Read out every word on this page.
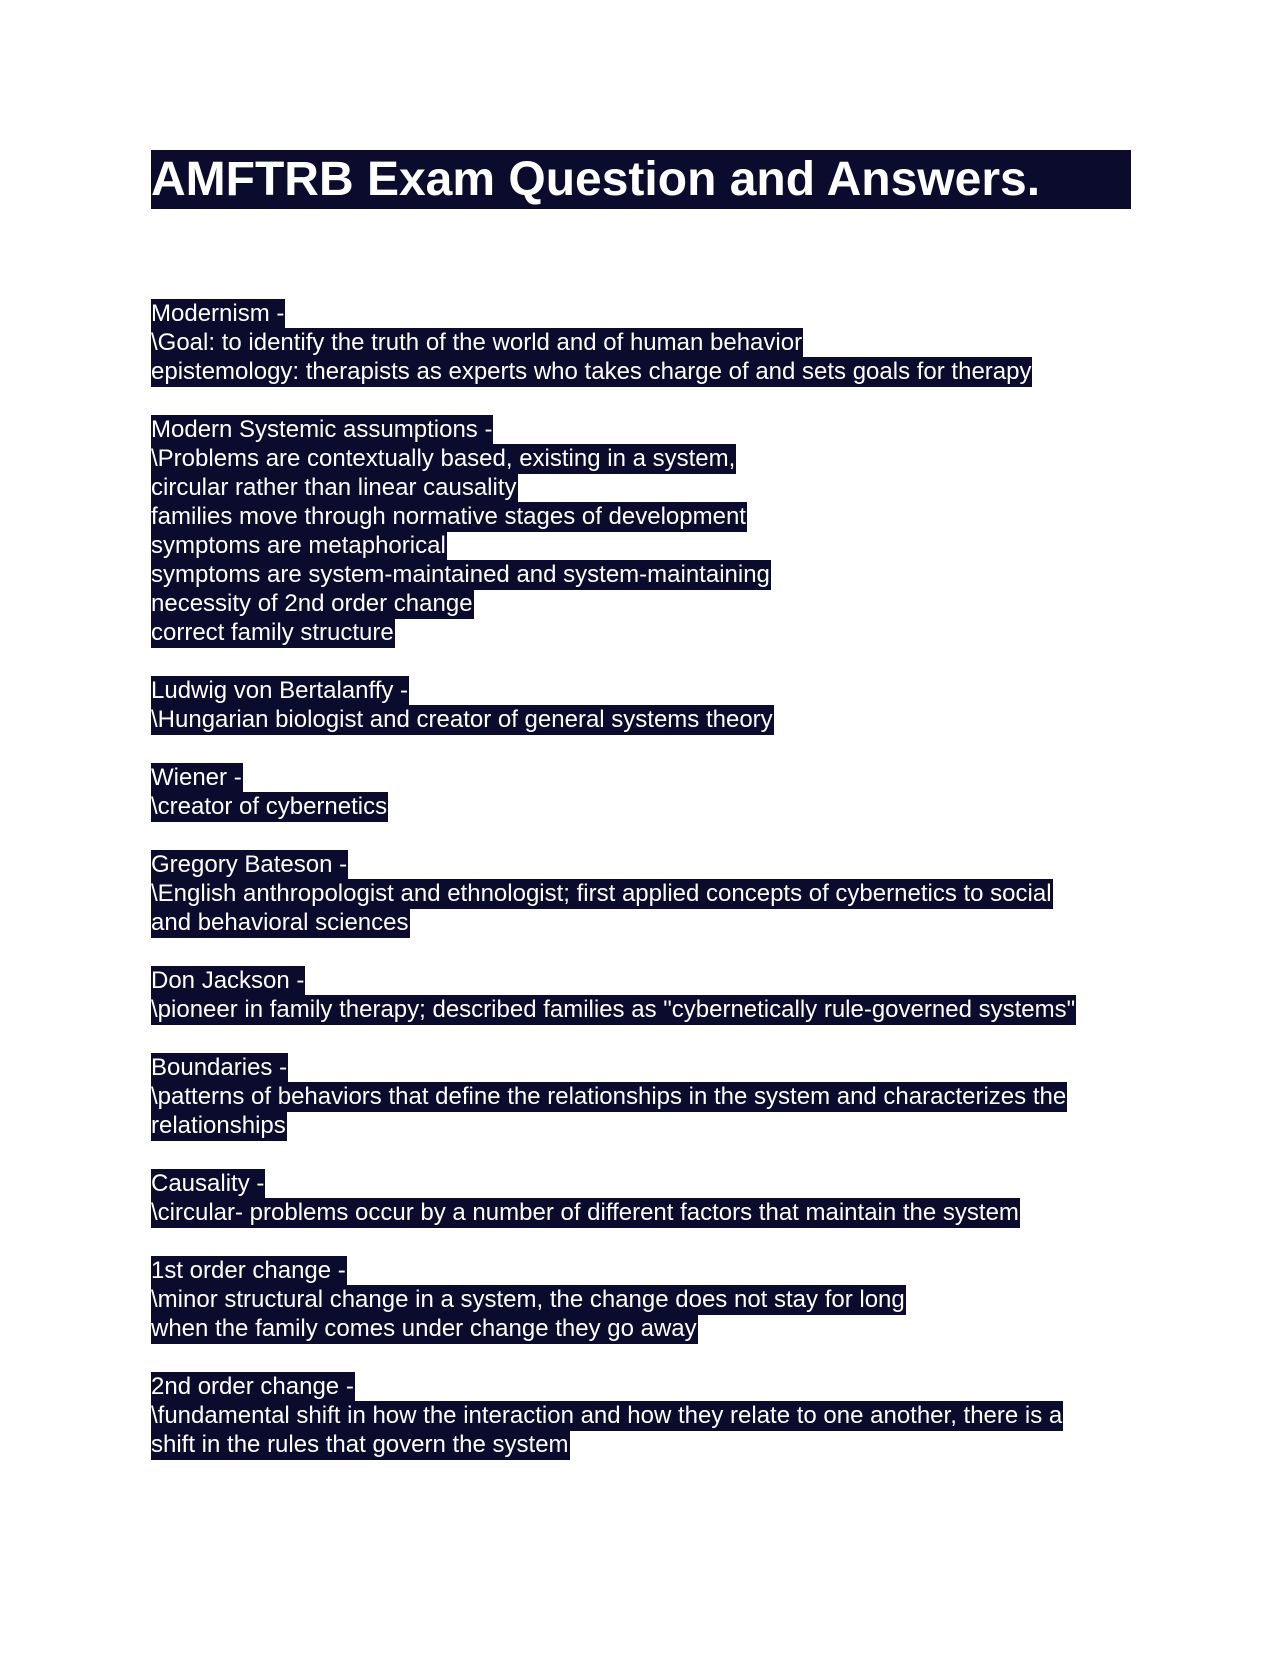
AMFTRB Exam Question and Answers.
Modernism -
\Goal: to identify the truth of the world and of human behavior
epistemology: therapists as experts who takes charge of and sets goals for therapy
Modern Systemic assumptions -
\Problems are contextually based, existing in a system,
circular rather than linear causality
families move through normative stages of development
symptoms are metaphorical
symptoms are system-maintained and system-maintaining
necessity of 2nd order change
correct family structure
Ludwig von Bertalanffy -
\Hungarian biologist and creator of general systems theory
Wiener -
\creator of cybernetics
Gregory Bateson -
\English anthropologist and ethnologist; first applied concepts of cybernetics to social
and behavioral sciences
Don Jackson -
\pioneer in family therapy; described families as "cybernetically rule-governed systems"
Boundaries -
\patterns of behaviors that define the relationships in the system and characterizes the
relationships
Causality -
\circular- problems occur by a number of different factors that maintain the system
1st order change -
\minor structural change in a system, the change does not stay for long
when the family comes under change they go away
2nd order change -
\fundamental shift in how the interaction and how they relate to one another, there is a
shift in the rules that govern the system
